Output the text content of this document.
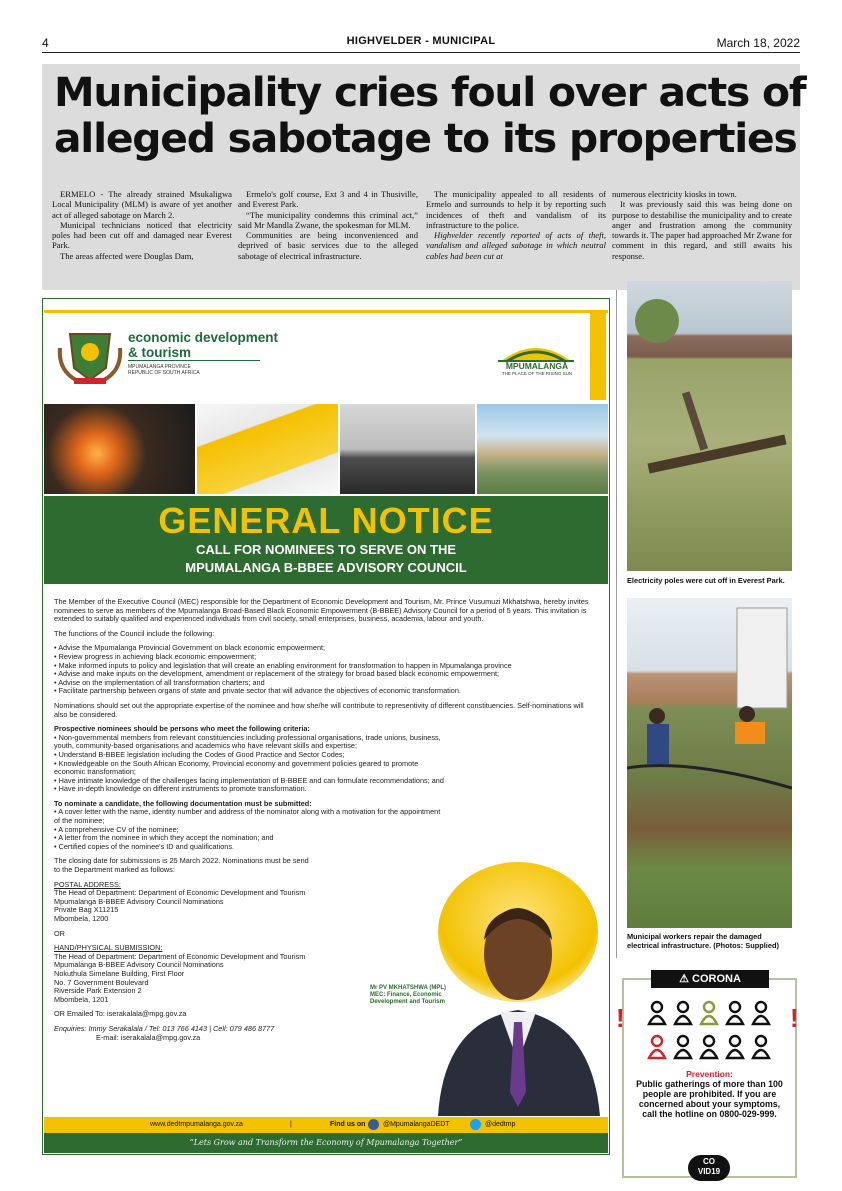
4	HIGHVELDER - MUNICIPAL	March 18, 2022
Municipality cries foul over acts of
alleged sabotage to its properties

ERMELO - The already strained Msukaligwa Local Municipality (MLM) is aware of yet another act of alleged sabotage on March 2.

Municipal technicians noticed that electricity poles had been cut off and damaged near Everest Park.

The areas affected were Douglas Dam,

Ermelo's golf course, Ext 3 and 4 in Thusiville, and Everest Park.

“The municipality condemns this criminal act,” said Mr Mandla Zwane, the spokesman for MLM.

Communities are being inconvenienced and deprived of basic services due to the alleged sabotage of electrical infrastructure.

The municipality appealed to all residents of Ermelo and surrounds to help it by reporting such incidences of theft and vandalism of its infrastructure to the police.

Highvelder recently reported of acts of theft, vandalism and alleged sabotage in which neutral cables had been cut at

numerous electricity kiosks in town.

It was previously said this was being done on purpose to destabilise the municipality and to create anger and frustration among the community towards it. The paper had approached Mr Zwane for comment in this regard, and still awaits his response.

economic development
& tourism
MPUMALANGA PROVINCE
REPUBLIC OF SOUTH AFRICA
MPUMALANGA
THE PLACE OF THE RISING SUN
GENERAL NOTICE
CALL FOR NOMINEES TO SERVE ON THE
MPUMALANGA B-BBEE ADVISORY COUNCIL

The Member of the Executive Council (MEC) responsible for the Department of Economic Development and Tourism, Mr. Prince Vusumuzi Mkhatshwa, hereby invites nominees to serve as members of the Mpumalanga Broad-Based Black Economic Empowerment (B-BBEE) Advisory Council for a period of 5 years. This invitation is extended to suitably qualified and experienced individuals from civil society, small enterprises, business, academia, labour and youth.

The functions of the Council include the following:

• Advise the Mpumalanga Provincial Government on black economic empowerment;
• Review progress in achieving black economic empowerment;
• Make informed inputs to policy and legislation that will create an enabling environment for transformation to happen in Mpumalanga province
• Advise and make inputs on the development, amendment or replacement of the strategy for broad based black economic empowerment;
• Advise on the implementation of all transformation charters; and
• Facilitate partnership between organs of state and private sector that will advance the objectives of economic transformation.

Nominations should set out the appropriate expertise of the nominee and how she/he will contribute to representivity of different constituencies. Self-nominations will also be considered.

Prospective nominees should be persons who meet the following criteria:
• Non-governmental members from relevant constituencies including professional organisations, trade unions, business, youth, community-based organisations and academics who have relevant skills and expertise;
• Understand B-BBEE legislation including the Codes of Good Practice and Sector Codes;
• Knowledgeable on the South African Economy, Provincial economy and government policies geared to promote economic transformation;
• Have intimate knowledge of the challenges facing implementation of B-BBEE and can formulate recommendations; and
• Have in-depth knowledge on different instruments to promote transformation.
To nominate a candidate, the following documentation must be submitted:
• A cover letter with the name, identity number and address of the nominator along with a motivation for the appointment of the nominee;
• A comprehensive CV of the nominee;
• A letter from the nominee in which they accept the nomination; and
• Certified copies of the nominee's ID and qualifications.
The closing date for submissions is 25 March 2022. Nominations must be send
to the Department marked as follows:
POSTAL ADDRESS:
The Head of Department: Department of Economic Development and Tourism
Mpumalanga B-BBEE Advisory Council Nominations
Private Bag X11215
Mbombela, 1200
OR
HAND/PHYSICAL SUBMISSION:
The Head of Department: Department of Economic Development and Tourism
Mpumalanga B-BBEE Advisory Council Nominations
Nokuthula Simelane Building, First Floor
No. 7 Government Boulevard
Riverside Park Extension 2
Mbombela, 1201
OR Emailed To: iserakalala@mpg.gov.za
Enquiries: Immy Serakalala / Tel: 013 766 4143 | Cell: 079 486 8777
E-mail: iserakalala@mpg.gov.za
Mr PV MKHATSHWA (MPL)
MEC: Finance, Economic
Development and Tourism
www.dedtmpumalanga.gov.za	|	Find us on	@MpumalangaDEDT	@dedtmp
“Lets Grow and Transform the Economy of Mpumalanga Together”
Electricity poles were cut off in Everest Park.
Municipal workers repair the damaged electrical infrastructure. (Photos: Supplied)
⚠ CORONA
!	!
Prevention:
Public gatherings of more than 100 people are prohibited. If you are concerned about your symptoms, call the hotline on 0800-029-999.
CO
VID19
